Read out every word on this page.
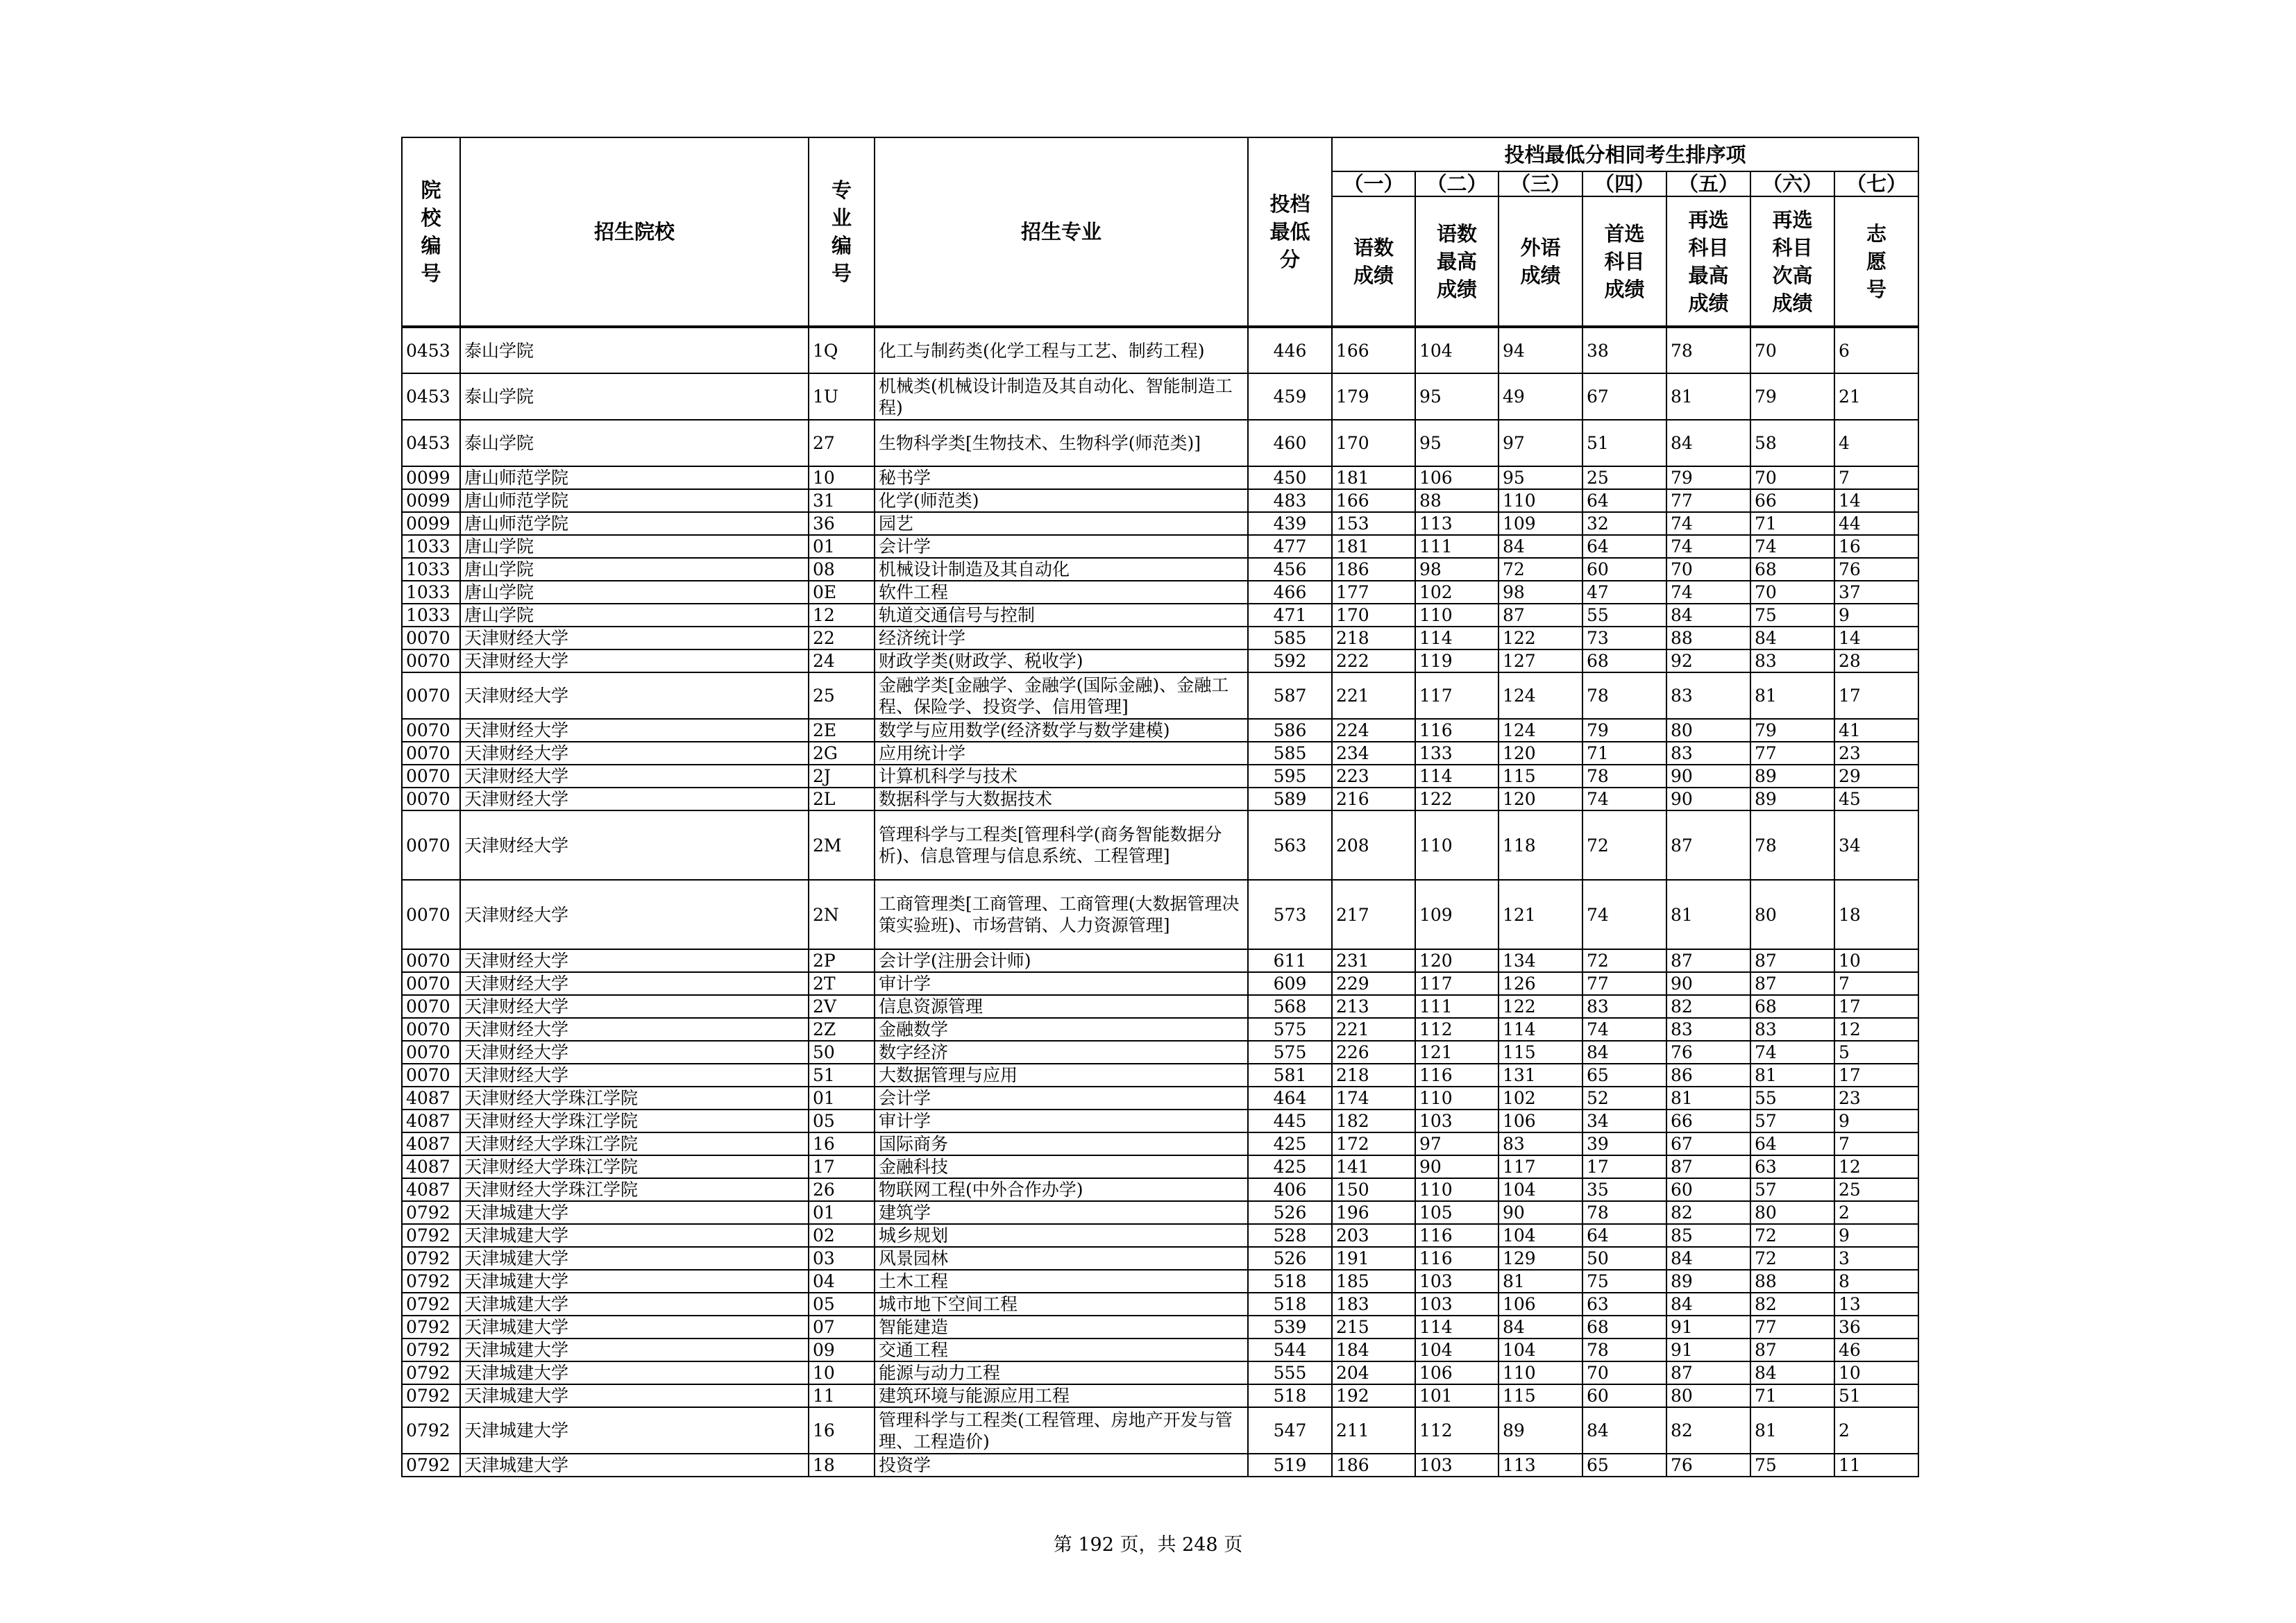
院校编号	招生院校	专业编号	招生专业	投档最低分	投档最低分相同考生排序项						
					（一）	（二）	（三）	（四）	（五）	（六）	（七）
					语数成绩	语数最高成绩	外语成绩	首选科目成绩	再选科目最高成绩	再选科目次高成绩	志愿号
0453	泰山学院	1Q	化工与制药类(化学工程与工艺、制药工程)	446	166	104	94	38	78	70	6
0453	泰山学院	1U	机械类(机械设计制造及其自动化、智能制造工程)	459	179	95	49	67	81	79	21
0453	泰山学院	27	生物科学类[生物技术、生物科学(师范类)]	460	170	95	97	51	84	58	4
0099	唐山师范学院	10	秘书学	450	181	106	95	25	79	70	7
0099	唐山师范学院	31	化学(师范类)	483	166	88	110	64	77	66	14
0099	唐山师范学院	36	园艺	439	153	113	109	32	74	71	44
1033	唐山学院	01	会计学	477	181	111	84	64	74	74	16
1033	唐山学院	08	机械设计制造及其自动化	456	186	98	72	60	70	68	76
1033	唐山学院	0E	软件工程	466	177	102	98	47	74	70	37
1033	唐山学院	12	轨道交通信号与控制	471	170	110	87	55	84	75	9
0070	天津财经大学	22	经济统计学	585	218	114	122	73	88	84	14
0070	天津财经大学	24	财政学类(财政学、税收学)	592	222	119	127	68	92	83	28
0070	天津财经大学	25	金融学类[金融学、金融学(国际金融)、金融工程、保险学、投资学、信用管理]	587	221	117	124	78	83	81	17
0070	天津财经大学	2E	数学与应用数学(经济数学与数学建模)	586	224	116	124	79	80	79	41
0070	天津财经大学	2G	应用统计学	585	234	133	120	71	83	77	23
0070	天津财经大学	2J	计算机科学与技术	595	223	114	115	78	90	89	29
0070	天津财经大学	2L	数据科学与大数据技术	589	216	122	120	74	90	89	45
0070	天津财经大学	2M	管理科学与工程类[管理科学(商务智能数据分析)、信息管理与信息系统、工程管理]	563	208	110	118	72	87	78	34
0070	天津财经大学	2N	工商管理类[工商管理、工商管理(大数据管理决策实验班)、市场营销、人力资源管理]	573	217	109	121	74	81	80	18
0070	天津财经大学	2P	会计学(注册会计师)	611	231	120	134	72	87	87	10
0070	天津财经大学	2T	审计学	609	229	117	126	77	90	87	7
0070	天津财经大学	2V	信息资源管理	568	213	111	122	83	82	68	17
0070	天津财经大学	2Z	金融数学	575	221	112	114	74	83	83	12
0070	天津财经大学	50	数字经济	575	226	121	115	84	76	74	5
0070	天津财经大学	51	大数据管理与应用	581	218	116	131	65	86	81	17
4087	天津财经大学珠江学院	01	会计学	464	174	110	102	52	81	55	23
4087	天津财经大学珠江学院	05	审计学	445	182	103	106	34	66	57	9
4087	天津财经大学珠江学院	16	国际商务	425	172	97	83	39	67	64	7
4087	天津财经大学珠江学院	17	金融科技	425	141	90	117	17	87	63	12
4087	天津财经大学珠江学院	26	物联网工程(中外合作办学)	406	150	110	104	35	60	57	25
0792	天津城建大学	01	建筑学	526	196	105	90	78	82	80	2
0792	天津城建大学	02	城乡规划	528	203	116	104	64	85	72	9
0792	天津城建大学	03	风景园林	526	191	116	129	50	84	72	3
0792	天津城建大学	04	土木工程	518	185	103	81	75	89	88	8
0792	天津城建大学	05	城市地下空间工程	518	183	103	106	63	84	82	13
0792	天津城建大学	07	智能建造	539	215	114	84	68	91	77	36
0792	天津城建大学	09	交通工程	544	184	104	104	78	91	87	46
0792	天津城建大学	10	能源与动力工程	555	204	106	110	70	87	84	10
0792	天津城建大学	11	建筑环境与能源应用工程	518	192	101	115	60	80	71	51
0792	天津城建大学	16	管理科学与工程类(工程管理、房地产开发与管理、工程造价)	547	211	112	89	84	82	81	2
0792	天津城建大学	18	投资学	519	186	103	113	65	76	75	11
第 192 页，共 248 页
